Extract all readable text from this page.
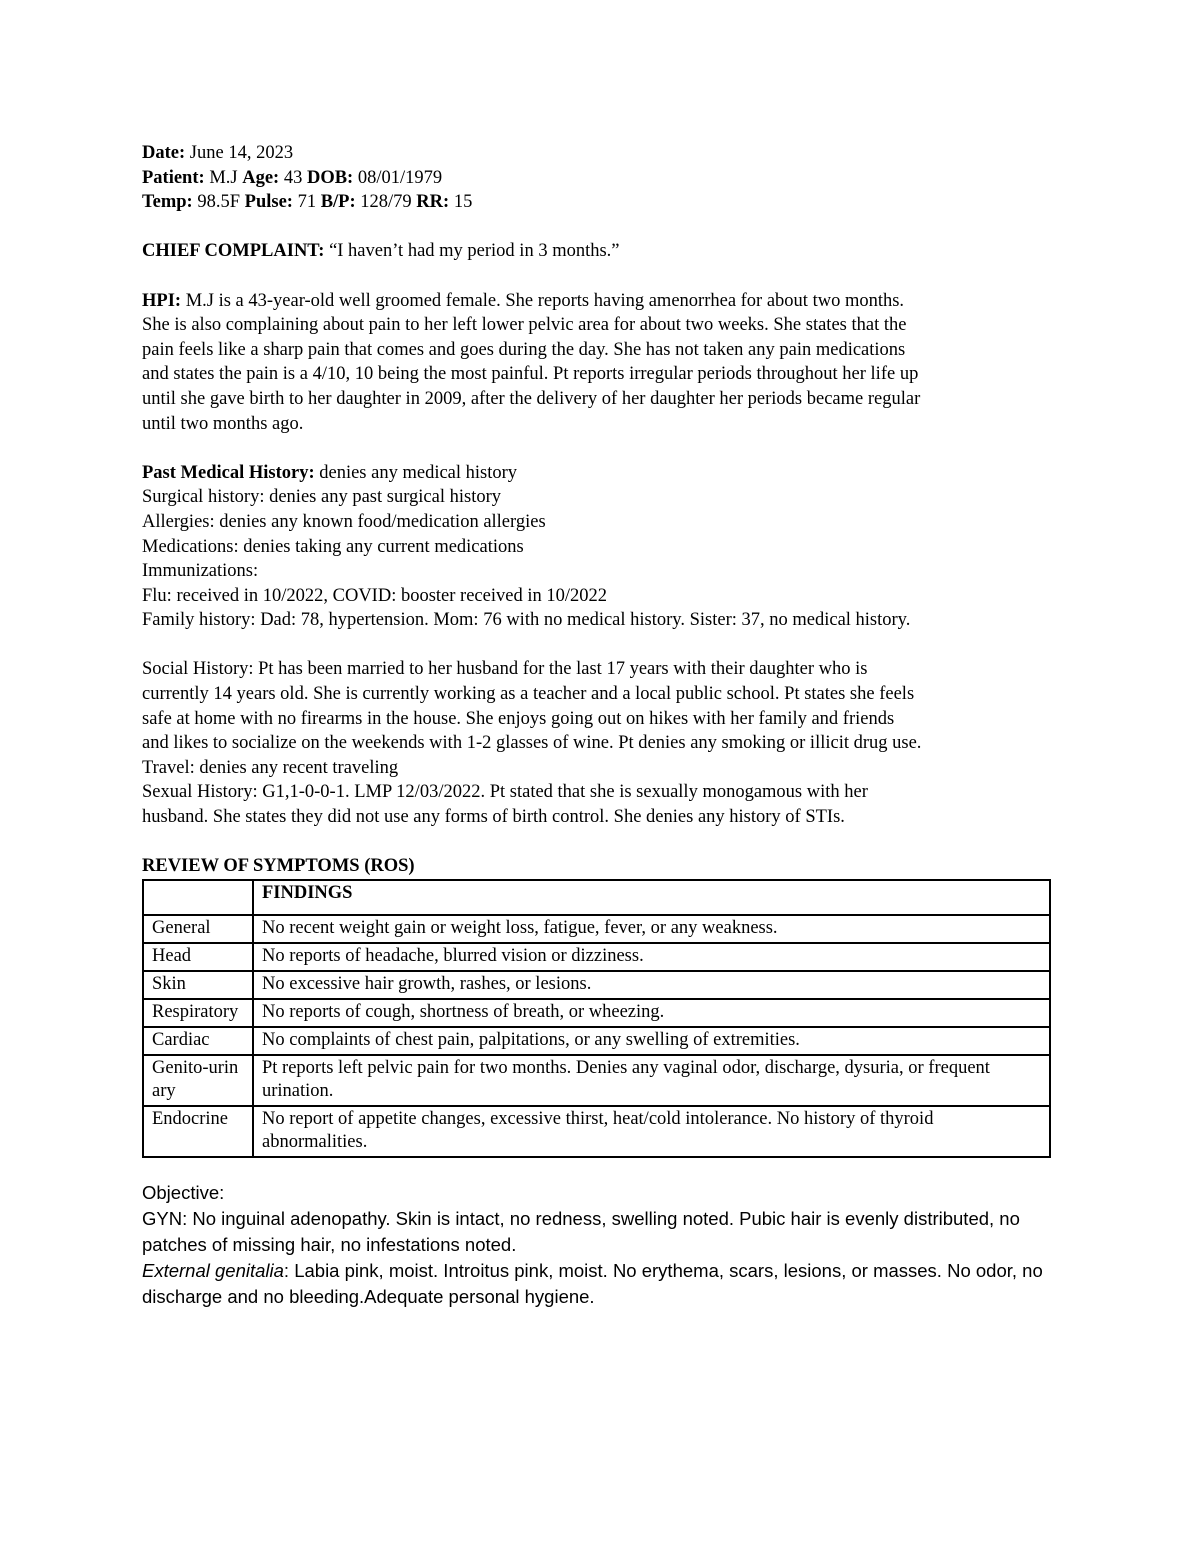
Date: June 14, 2023
Patient: M.J Age: 43 DOB: 08/01/1979
Temp: 98.5F Pulse: 71 B/P: 128/79 RR: 15
CHIEF COMPLAINT: “I haven’t had my period in 3 months.”
HPI: M.J is a 43-year-old well groomed female. She reports having amenorrhea for about two months.
She is also complaining about pain to her left lower pelvic area for about two weeks. She states that the
pain feels like a sharp pain that comes and goes during the day. She has not taken any pain medications
and states the pain is a 4/10, 10 being the most painful. Pt reports irregular periods throughout her life up
until she gave birth to her daughter in 2009, after the delivery of her daughter her periods became regular
until two months ago.
Past Medical History: denies any medical history
Surgical history: denies any past surgical history
Allergies: denies any known food/medication allergies
Medications: denies taking any current medications
Immunizations:
Flu: received in 10/2022, COVID: booster received in 10/2022
Family history: Dad: 78, hypertension. Mom: 76 with no medical history. Sister: 37, no medical history.
Social History: Pt has been married to her husband for the last 17 years with their daughter who is
currently 14 years old. She is currently working as a teacher and a local public school. Pt states she feels
safe at home with no firearms in the house. She enjoys going out on hikes with her family and friends
and likes to socialize on the weekends with 1-2 glasses of wine. Pt denies any smoking or illicit drug use.
Travel: denies any recent traveling
Sexual History: G1,1-0-0-1. LMP 12/03/2022. Pt stated that she is sexually monogamous with her
husband. She states they did not use any forms of birth control. She denies any history of STIs.
REVIEW OF SYMPTOMS (ROS)
	FINDINGS
General	No recent weight gain or weight loss, fatigue, fever, or any weakness.
Head	No reports of headache, blurred vision or dizziness.
Skin	No excessive hair growth, rashes, or lesions.
Respiratory	No reports of cough, shortness of breath, or wheezing.
Cardiac	No complaints of chest pain, palpitations, or any swelling of extremities.
Genito-urinary	Pt reports left pelvic pain for two months. Denies any vaginal odor, discharge, dysuria, or frequent urination.
Endocrine	No report of appetite changes, excessive thirst, heat/cold intolerance. No history of thyroid abnormalities.
Objective:
GYN: No inguinal adenopathy. Skin is intact, no redness, swelling noted. Pubic hair is evenly distributed, no patches of missing hair, no infestations noted.
External genitalia: Labia pink, moist. Introitus pink, moist. No erythema, scars, lesions, or masses. No odor, no discharge and no bleeding.Adequate personal hygiene.
